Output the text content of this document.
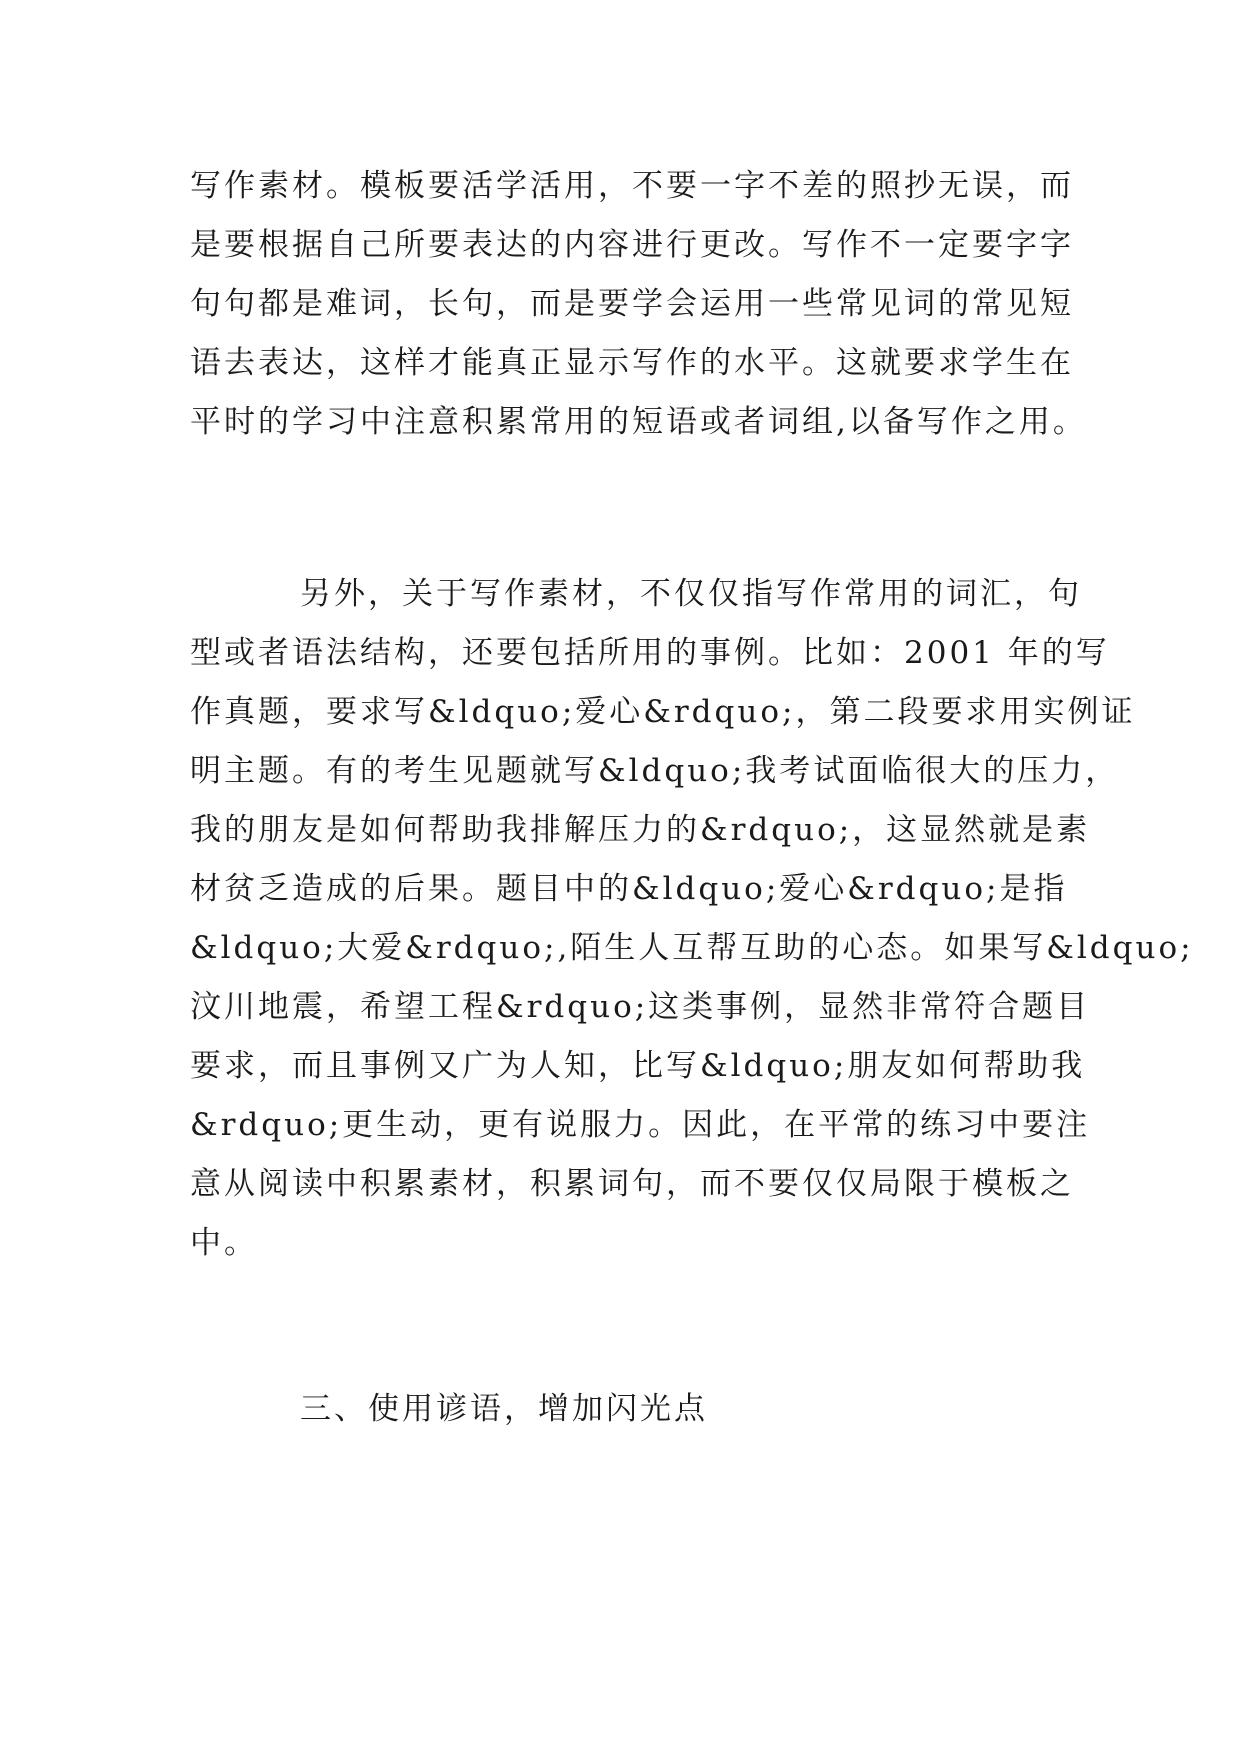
写作素材。模板要活学活用，不要一字不差的照抄无误，而
是要根据自己所要表达的内容进行更改。写作不一定要字字
句句都是难词，长句，而是要学会运用一些常见词的常见短
语去表达，这样才能真正显示写作的水平。这就要求学生在
平时的学习中注意积累常用的短语或者词组,以备写作之用。

另外，关于写作素材，不仅仅指写作常用的词汇，句
型或者语法结构，还要包括所用的事例。比如：2001 年的写
作真题，要求写&ldquo;爱心&rdquo;，第二段要求用实例证
明主题。有的考生见题就写&ldquo;我考试面临很大的压力，
我的朋友是如何帮助我排解压力的&rdquo;，这显然就是素
材贫乏造成的后果。题目中的&ldquo;爱心&rdquo;是指
&ldquo;大爱&rdquo;,陌生人互帮互助的心态。如果写&ldquo;
汶川地震，希望工程&rdquo;这类事例，显然非常符合题目
要求，而且事例又广为人知，比写&ldquo;朋友如何帮助我
&rdquo;更生动，更有说服力。因此，在平常的练习中要注
意从阅读中积累素材，积累词句，而不要仅仅局限于模板之
中。

三、使用谚语，增加闪光点
